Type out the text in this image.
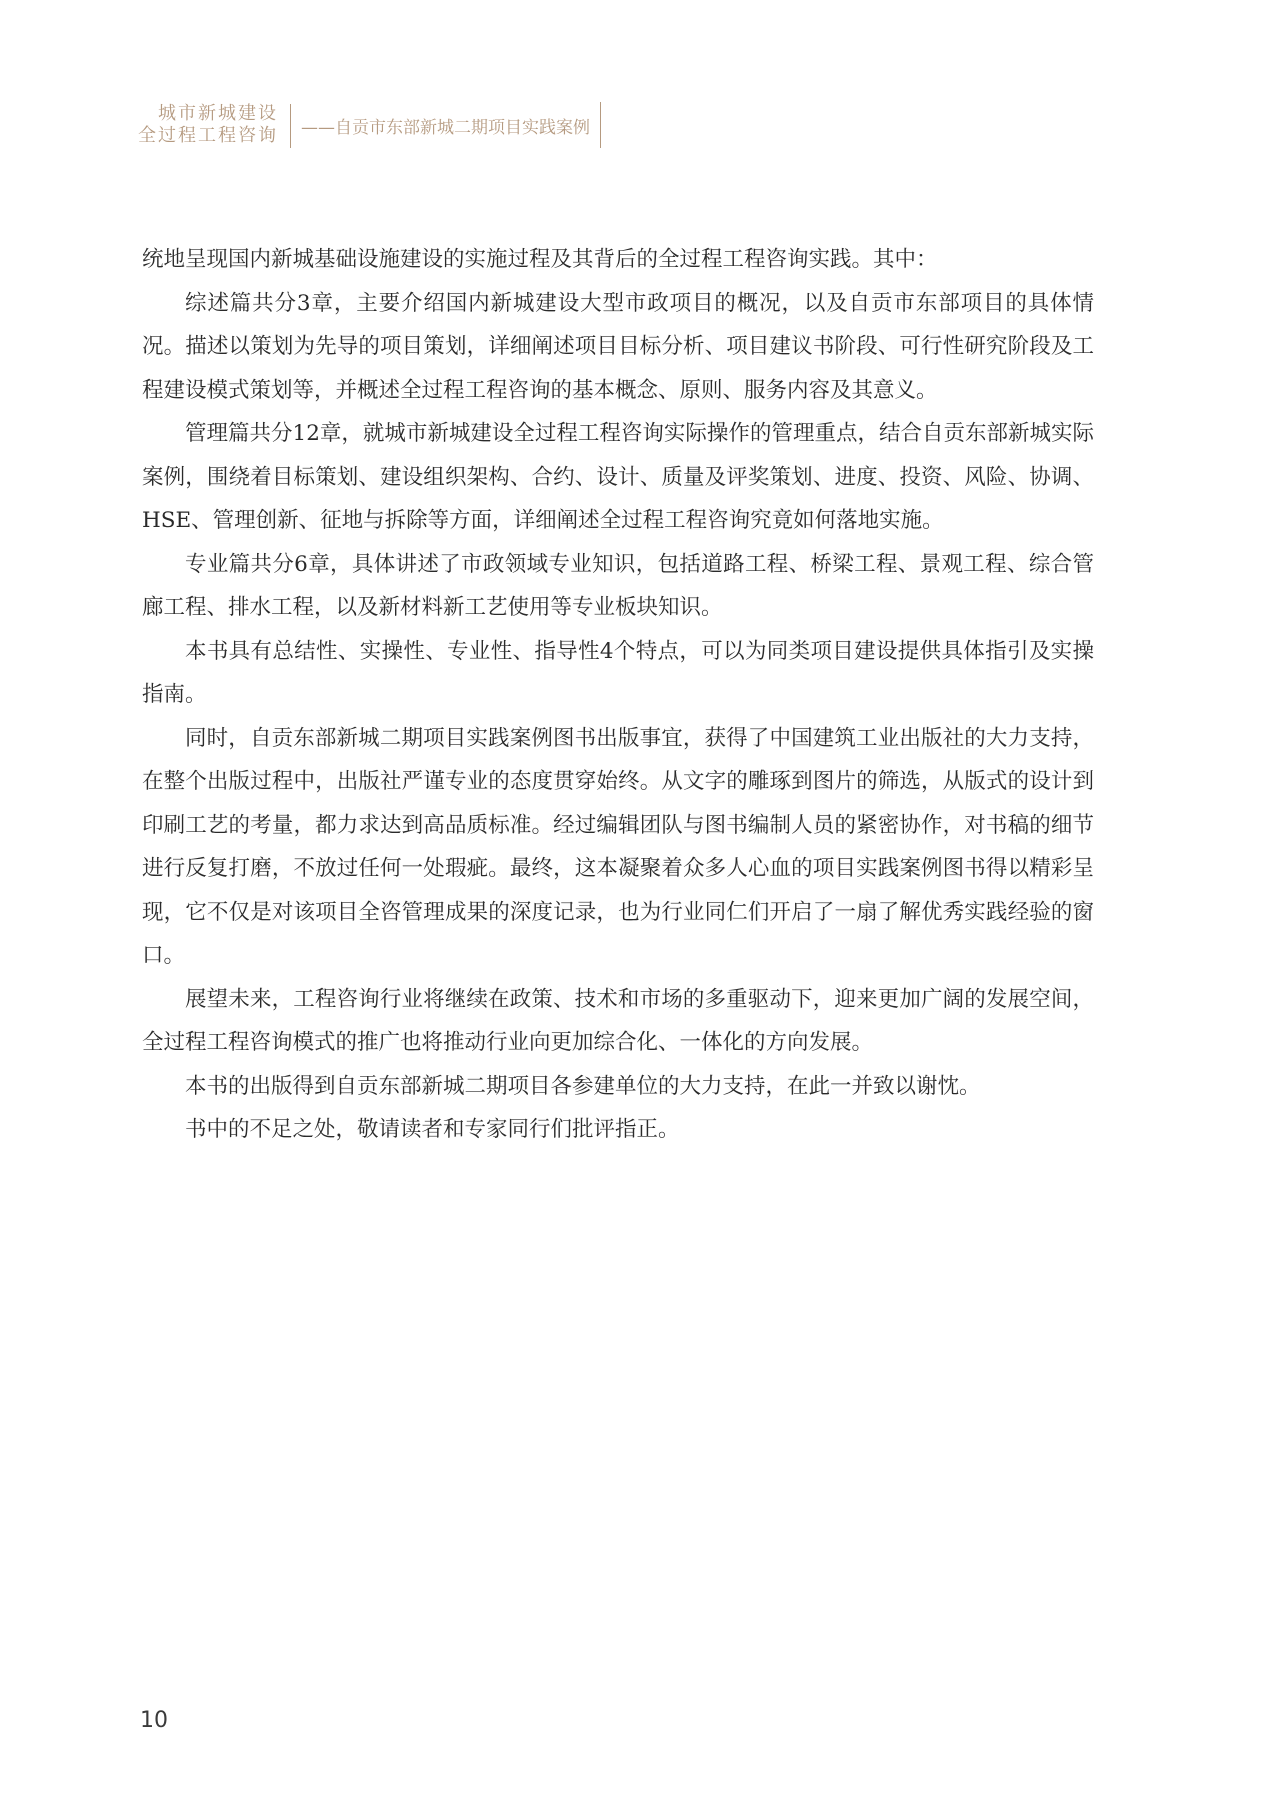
城市新城建设
全过程工程咨询 ——自贡市东部新城二期项目实践案例

统地呈现国内新城基础设施建设的实施过程及其背后的全过程工程咨询实践。其中：

综述篇共分3章，主要介绍国内新城建设大型市政项目的概况，以及自贡市东部项目的具体情况。描述以策划为先导的项目策划，详细阐述项目目标分析、项目建议书阶段、可行性研究阶段及工程建设模式策划等，并概述全过程工程咨询的基本概念、原则、服务内容及其意义。

管理篇共分12章，就城市新城建设全过程工程咨询实际操作的管理重点，结合自贡东部新城实际案例，围绕着目标策划、建设组织架构、合约、设计、质量及评奖策划、进度、投资、风险、协调、HSE、管理创新、征地与拆除等方面，详细阐述全过程工程咨询究竟如何落地实施。

专业篇共分6章，具体讲述了市政领域专业知识，包括道路工程、桥梁工程、景观工程、综合管廊工程、排水工程，以及新材料新工艺使用等专业板块知识。

本书具有总结性、实操性、专业性、指导性4个特点，可以为同类项目建设提供具体指引及实操指南。

同时，自贡东部新城二期项目实践案例图书出版事宜，获得了中国建筑工业出版社的大力支持，在整个出版过程中，出版社严谨专业的态度贯穿始终。从文字的雕琢到图片的筛选，从版式的设计到印刷工艺的考量，都力求达到高品质标准。经过编辑团队与图书编制人员的紧密协作，对书稿的细节进行反复打磨，不放过任何一处瑕疵。最终，这本凝聚着众多人心血的项目实践案例图书得以精彩呈现，它不仅是对该项目全咨管理成果的深度记录，也为行业同仁们开启了一扇了解优秀实践经验的窗口。

展望未来，工程咨询行业将继续在政策、技术和市场的多重驱动下，迎来更加广阔的发展空间，全过程工程咨询模式的推广也将推动行业向更加综合化、一体化的方向发展。

本书的出版得到自贡东部新城二期项目各参建单位的大力支持，在此一并致以谢忱。

书中的不足之处，敬请读者和专家同行们批评指正。

10
